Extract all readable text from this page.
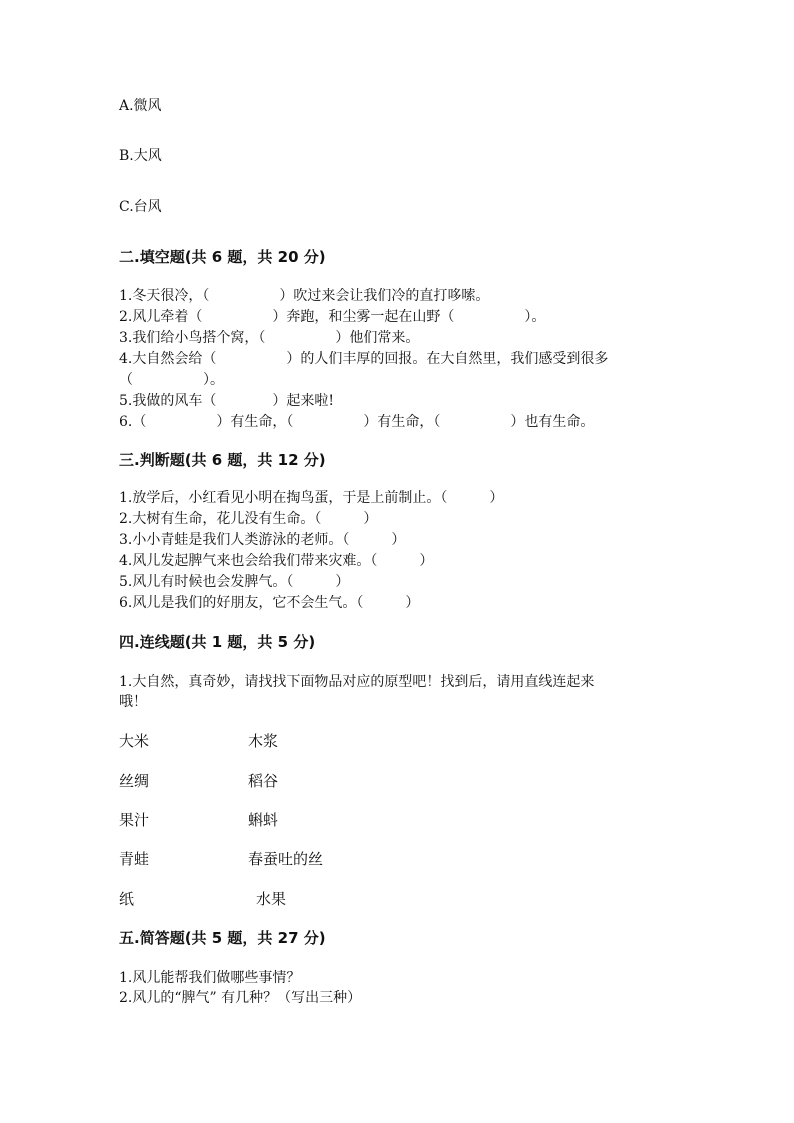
A.微风
B.大风
C.台风
二.填空题(共 6 题，共 20 分)
1.冬天很冷，（　　　　　）吹过来会让我们冷的直打哆嗦。
2.风儿牵着（　　　　　）奔跑，和尘雾一起在山野（　　　　　）。
3.我们给小鸟搭个窝，（　　　　　）他们常来。
4.大自然会给（　　　　　）的人们丰厚的回报。在大自然里，我们感受到很多
（　　　　　）。
5.我做的风车（　　　　）起来啦!
6.（　　　　　）有生命，（　　　　　）有生命，（　　　　　）也有生命。
三.判断题(共 6 题，共 12 分)
1.放学后，小红看见小明在掏鸟蛋，于是上前制止。（　　　）
2.大树有生命，花儿没有生命。（　　　）
3.小小青蛙是我们人类游泳的老师。（　　　）
4.风儿发起脾气来也会给我们带来灾难。（　　　）
5.风儿有时候也会发脾气。（　　　）
6.风儿是我们的好朋友，它不会生气。（　　　）
四.连线题(共 1 题，共 5 分)
1.大自然，真奇妙，请找找下面物品对应的原型吧！找到后，请用直线连起来
哦！
大米	木浆
丝绸	稻谷
果汁	蝌蚪
青蛙	春蚕吐的丝
纸	水果
五.简答题(共 5 题，共 27 分)
1.风儿能帮我们做哪些事情？
2.风儿的“脾气” 有几种？（写出三种）
